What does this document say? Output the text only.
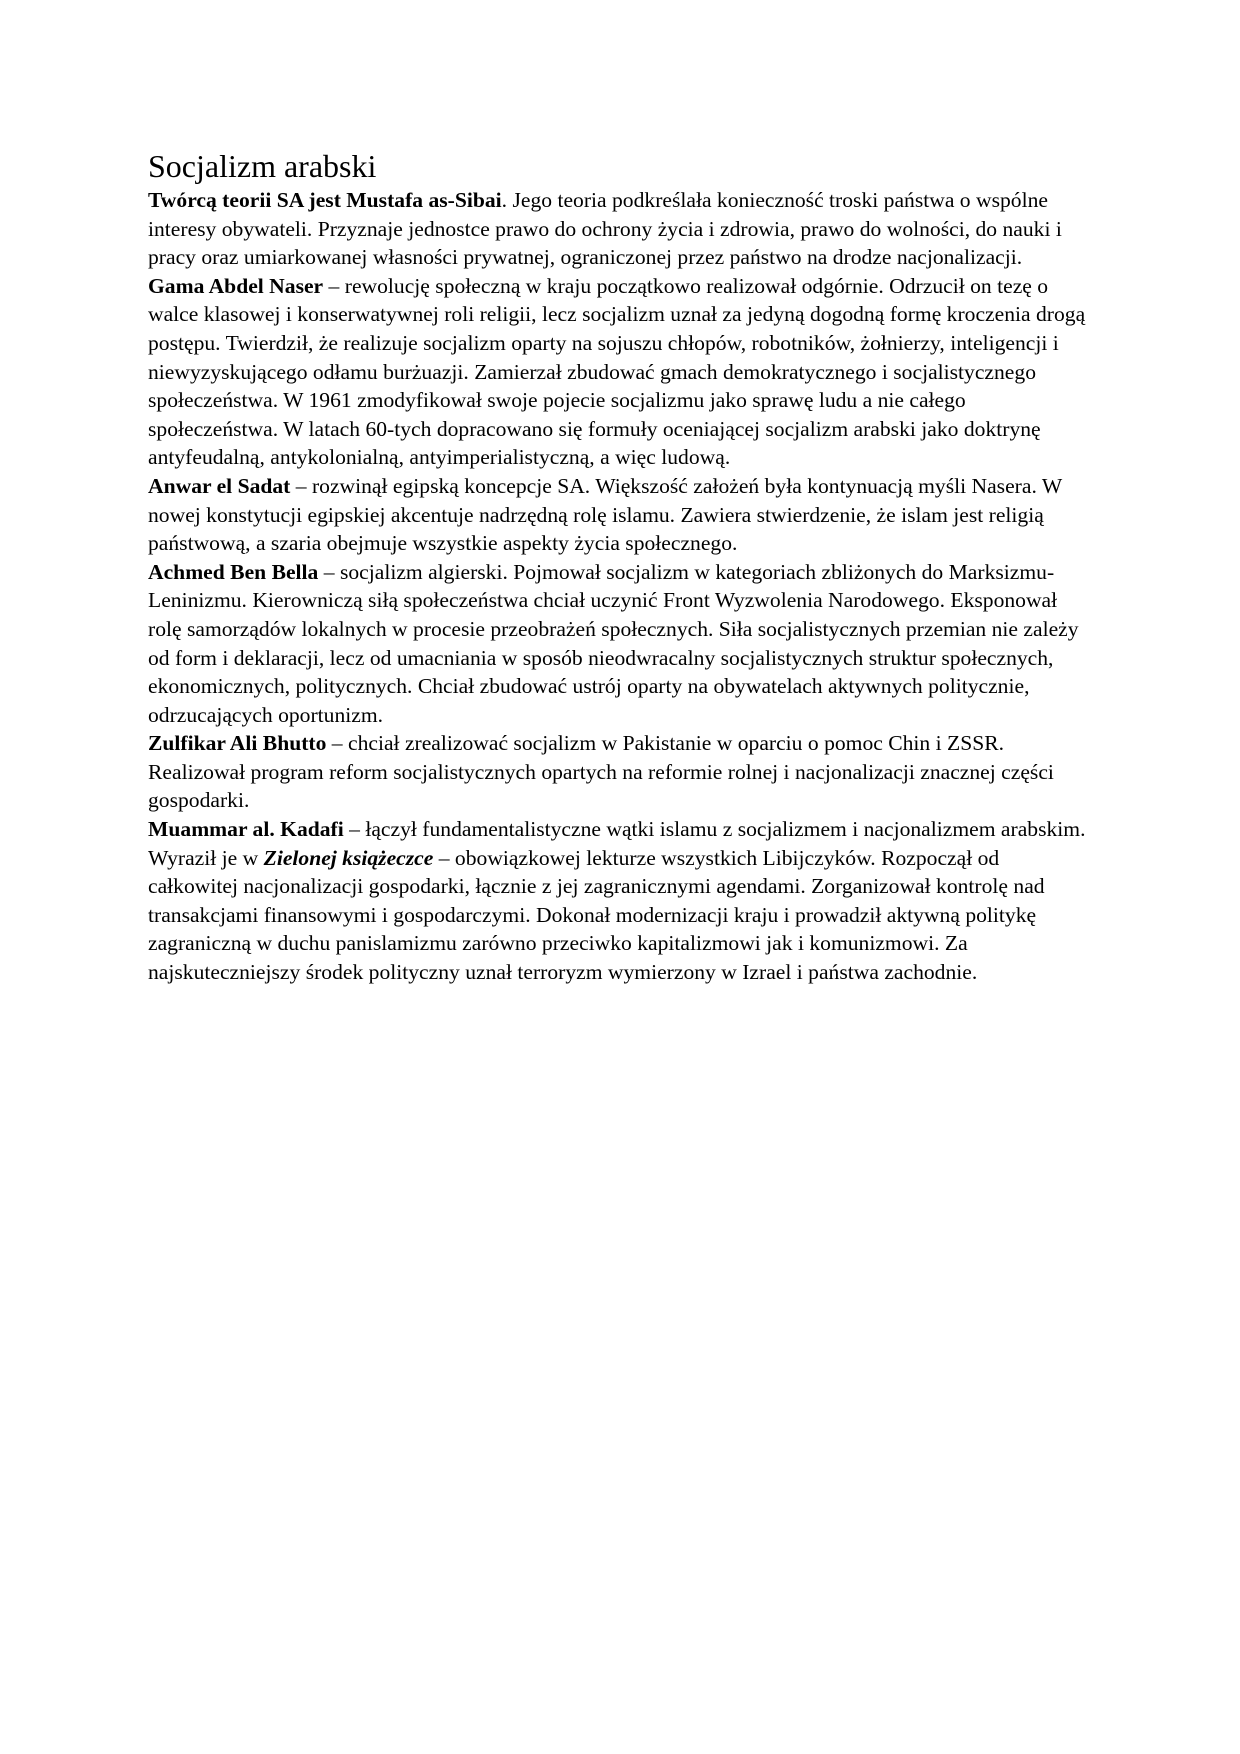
Socjalizm arabski

Twórcą teorii SA jest Mustafa as-Sibai. Jego teoria podkreślała konieczność troski państwa o wspólne interesy obywateli. Przyznaje jednostce prawo do ochrony życia i zdrowia, prawo do wolności, do nauki i pracy oraz umiarkowanej własności prywatnej, ograniczonej przez państwo na drodze nacjonalizacji.

Gama Abdel Naser – rewolucję społeczną w kraju początkowo realizował odgórnie. Odrzucił on tezę o walce klasowej i konserwatywnej roli religii, lecz socjalizm uznał za jedyną dogodną formę kroczenia drogą postępu. Twierdził, że realizuje socjalizm oparty na sojuszu chłopów, robotników, żołnierzy, inteligencji i niewyzyskującego odłamu burżuazji. Zamierzał zbudować gmach demokratycznego i socjalistycznego społeczeństwa. W 1961 zmodyfikował swoje pojecie socjalizmu jako sprawę ludu a nie całego społeczeństwa. W latach 60-tych dopracowano się formuły oceniającej socjalizm arabski jako doktrynę antyfeudalną, antykolonialną, antyimperialistyczną, a więc ludową.

Anwar el Sadat – rozwinął egipską koncepcje SA. Większość założeń była kontynuacją myśli Nasera. W nowej konstytucji egipskiej akcentuje nadrzędną rolę islamu. Zawiera stwierdzenie, że islam jest religią państwową, a szaria obejmuje wszystkie aspekty życia społecznego.

Achmed Ben Bella – socjalizm algierski. Pojmował socjalizm w kategoriach zbliżonych do Marksizmu-Leninizmu. Kierowniczą siłą społeczeństwa chciał uczynić Front Wyzwolenia Narodowego. Eksponował rolę samorządów lokalnych w procesie przeobrażeń społecznych. Siła socjalistycznych przemian nie zależy od form i deklaracji, lecz od umacniania w sposób nieodwracalny socjalistycznych struktur społecznych, ekonomicznych, politycznych. Chciał zbudować ustrój oparty na obywatelach aktywnych politycznie, odrzucających oportunizm.

Zulfikar Ali Bhutto – chciał zrealizować socjalizm w Pakistanie w oparciu o pomoc Chin i ZSSR. Realizował program reform socjalistycznych opartych na reformie rolnej i nacjonalizacji znacznej części gospodarki.

Muammar al. Kadafi – łączył fundamentalistyczne wątki islamu z socjalizmem i nacjonalizmem arabskim. Wyraził je w Zielonej książeczce – obowiązkowej lekturze wszystkich Libijczyków. Rozpoczął od całkowitej nacjonalizacji gospodarki, łącznie z jej zagranicznymi agendami. Zorganizował kontrolę nad transakcjami finansowymi i gospodarczymi. Dokonał modernizacji kraju i prowadził aktywną politykę zagraniczną w duchu panislamizmu zarówno przeciwko kapitalizmowi jak i komunizmowi. Za najskuteczniejszy środek polityczny uznał terroryzm wymierzony w Izrael i państwa zachodnie.
